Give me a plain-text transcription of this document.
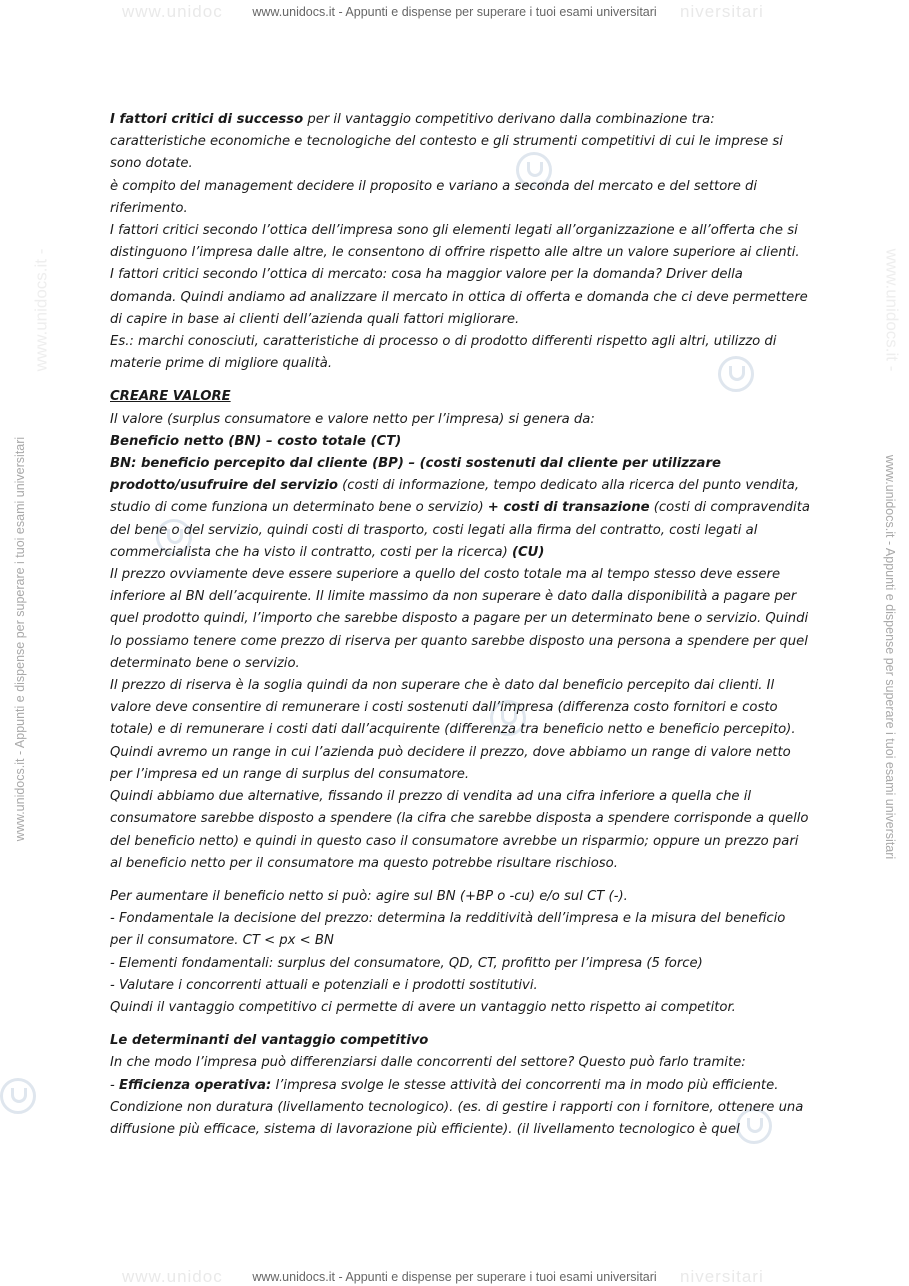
www.unidoc	niversitari
www.unidocs.it - Appunti e dispense per superare i tuoi esami universitari
www.unidocs.it - Appunti e dispense per superare i tuoi esami universitari	www.unidocs.it - Appunti e dispense per superare i tuoi esami universitari
www.unidocs.it -	www.unidocs.it -

I fattori critici di successo per il vantaggio competitivo derivano dalla combinazione tra: caratteristiche economiche e tecnologiche del contesto e gli strumenti competitivi di cui le imprese si sono dotate.

è compito del management decidere il proposito e variano a seconda del mercato e del settore di riferimento.

I fattori critici secondo l’ottica dell’impresa sono gli elementi legati all’organizzazione e all’offerta che si distinguono l’impresa dalle altre, le consentono di offrire rispetto alle altre un valore superiore ai clienti.

I fattori critici secondo l’ottica di mercato: cosa ha maggior valore per la domanda? Driver della domanda. Quindi andiamo ad analizzare il mercato in ottica di offerta e domanda che ci deve permettere di capire in base ai clienti dell’azienda quali fattori migliorare.

Es.: marchi conosciuti, caratteristiche di processo o di prodotto differenti rispetto agli altri, utilizzo di materie prime di migliore qualità.

CREARE VALORE

Il valore (surplus consumatore e valore netto per l’impresa) si genera da:

Beneficio netto (BN) – costo totale (CT)

BN: beneficio percepito dal cliente (BP) – (costi sostenuti dal cliente per utilizzare prodotto/usufruire del servizio (costi di informazione, tempo dedicato alla ricerca del punto vendita, studio di come funziona un determinato bene o servizio) + costi di transazione (costi di compravendita del bene o del servizio, quindi costi di trasporto, costi legati alla firma del contratto, costi legati al commercialista che ha visto il contratto, costi per la ricerca) (CU)

Il prezzo ovviamente deve essere superiore a quello del costo totale ma al tempo stesso deve essere inferiore al BN dell’acquirente. Il limite massimo da non superare è dato dalla disponibilità a pagare per quel prodotto quindi, l’importo che sarebbe disposto a pagare per un determinato bene o servizio. Quindi lo possiamo tenere come prezzo di riserva per quanto sarebbe disposto una persona a spendere per quel determinato bene o servizio.

Il prezzo di riserva è la soglia quindi da non superare che è dato dal beneficio percepito dai clienti. Il valore deve consentire di remunerare i costi sostenuti dall’impresa (differenza costo fornitori e costo totale) e di remunerare i costi dati dall’acquirente (differenza tra beneficio netto e beneficio percepito). Quindi avremo un range in cui l’azienda può decidere il prezzo, dove abbiamo un range di valore netto per l’impresa ed un range di surplus del consumatore.

Quindi abbiamo due alternative, fissando il prezzo di vendita ad una cifra inferiore a quella che il consumatore sarebbe disposto a spendere (la cifra che sarebbe disposta a spendere corrisponde a quello del beneficio netto) e quindi in questo caso il consumatore avrebbe un risparmio; oppure un prezzo pari al beneficio netto per il consumatore ma questo potrebbe risultare rischioso.

Per aumentare il beneficio netto si può: agire sul BN (+BP o -cu) e/o sul CT (-).

- Fondamentale la decisione del prezzo: determina la redditività dell’impresa e la misura del beneficio per il consumatore. CT < px < BN

- Elementi fondamentali: surplus del consumatore, QD, CT, profitto per l’impresa (5 force)

- Valutare i concorrenti attuali e potenziali e i prodotti sostitutivi.

Quindi il vantaggio competitivo ci permette di avere un vantaggio netto rispetto ai competitor.

Le determinanti del vantaggio competitivo

In che modo l’impresa può differenziarsi dalle concorrenti del settore? Questo può farlo tramite:

- Efficienza operativa: l’impresa svolge le stesse attività dei concorrenti ma in modo più efficiente. Condizione non duratura (livellamento tecnologico). (es. di gestire i rapporti con i fornitore, ottenere una diffusione più efficace, sistema di lavorazione più efficiente). (il livellamento tecnologico è quel

www.unidoc	niversitari
www.unidocs.it - Appunti e dispense per superare i tuoi esami universitari
